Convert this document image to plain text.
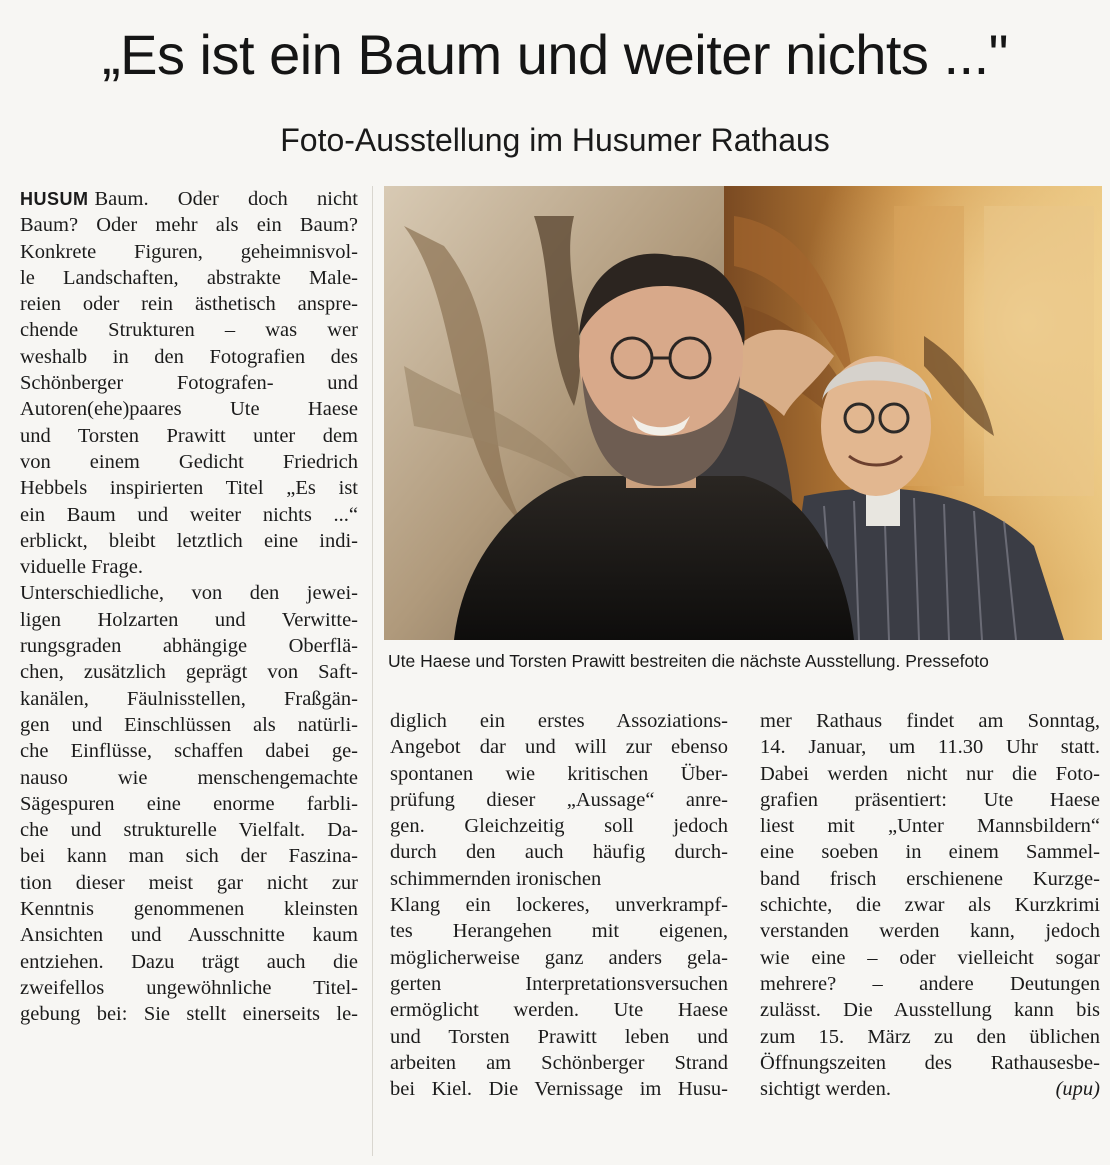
„Es ist ein Baum und weiter nichts ..."
Foto-Ausstellung im Husumer Rathaus
HUSUM Baum. Oder doch nicht
Baum? Oder mehr als ein Baum?
Konkrete Figuren, geheimnisvol-
le Landschaften, abstrakte Male-
reien oder rein ästhetisch anspre-
chende Strukturen – was wer
weshalb in den Fotografien des
Schönberger Fotografen- und
Autoren(ehe)paares Ute Haese
und Torsten Prawitt unter dem
von einem Gedicht Friedrich
Hebbels inspirierten Titel „Es ist
ein Baum und weiter nichts ...“
erblickt, bleibt letztlich eine indi-
viduelle Frage.
Unterschiedliche, von den jewei-
ligen Holzarten und Verwitte-
rungsgraden abhängige Oberflä-
chen, zusätzlich geprägt von Saft-
kanälen, Fäulnisstellen, Fraßgän-
gen und Einschlüssen als natürli-
che Einflüsse, schaffen dabei ge-
nauso wie menschengemachte
Sägespuren eine enorme farbli-
che und strukturelle Vielfalt. Da-
bei kann man sich der Faszina-
tion dieser meist gar nicht zur
Kenntnis genommenen kleinsten
Ansichten und Ausschnitte kaum
entziehen. Dazu trägt auch die
zweifellos ungewöhnliche Titel-
gebung bei: Sie stellt einerseits le-
Ute Haese und Torsten Prawitt bestreiten die nächste Ausstellung. Pressefoto
diglich ein erstes Assoziations-
Angebot dar und will zur ebenso
spontanen wie kritischen Über-
prüfung dieser „Aussage“ anre-
gen. Gleichzeitig soll jedoch
durch den auch häufig durch-
schimmernden ironischen
Klang ein lockeres, unverkrampf-
tes Herangehen mit eigenen,
möglicherweise ganz anders gela-
gerten Interpretationsversuchen
ermöglicht werden. Ute Haese
und Torsten Prawitt leben und
arbeiten am Schönberger Strand
bei Kiel. Die Vernissage im Husu-
mer Rathaus findet am Sonntag,
14. Januar, um 11.30 Uhr statt.
Dabei werden nicht nur die Foto-
grafien präsentiert: Ute Haese
liest mit „Unter Mannsbildern“
eine soeben in einem Sammel-
band frisch erschienene Kurzge-
schichte, die zwar als Kurzkrimi
verstanden werden kann, jedoch
wie eine – oder vielleicht sogar
mehrere? – andere Deutungen
zulässt. Die Ausstellung kann bis
zum 15. März zu den üblichen
Öffnungszeiten des Rathausesbe-
sichtigt werden.	(upu)
